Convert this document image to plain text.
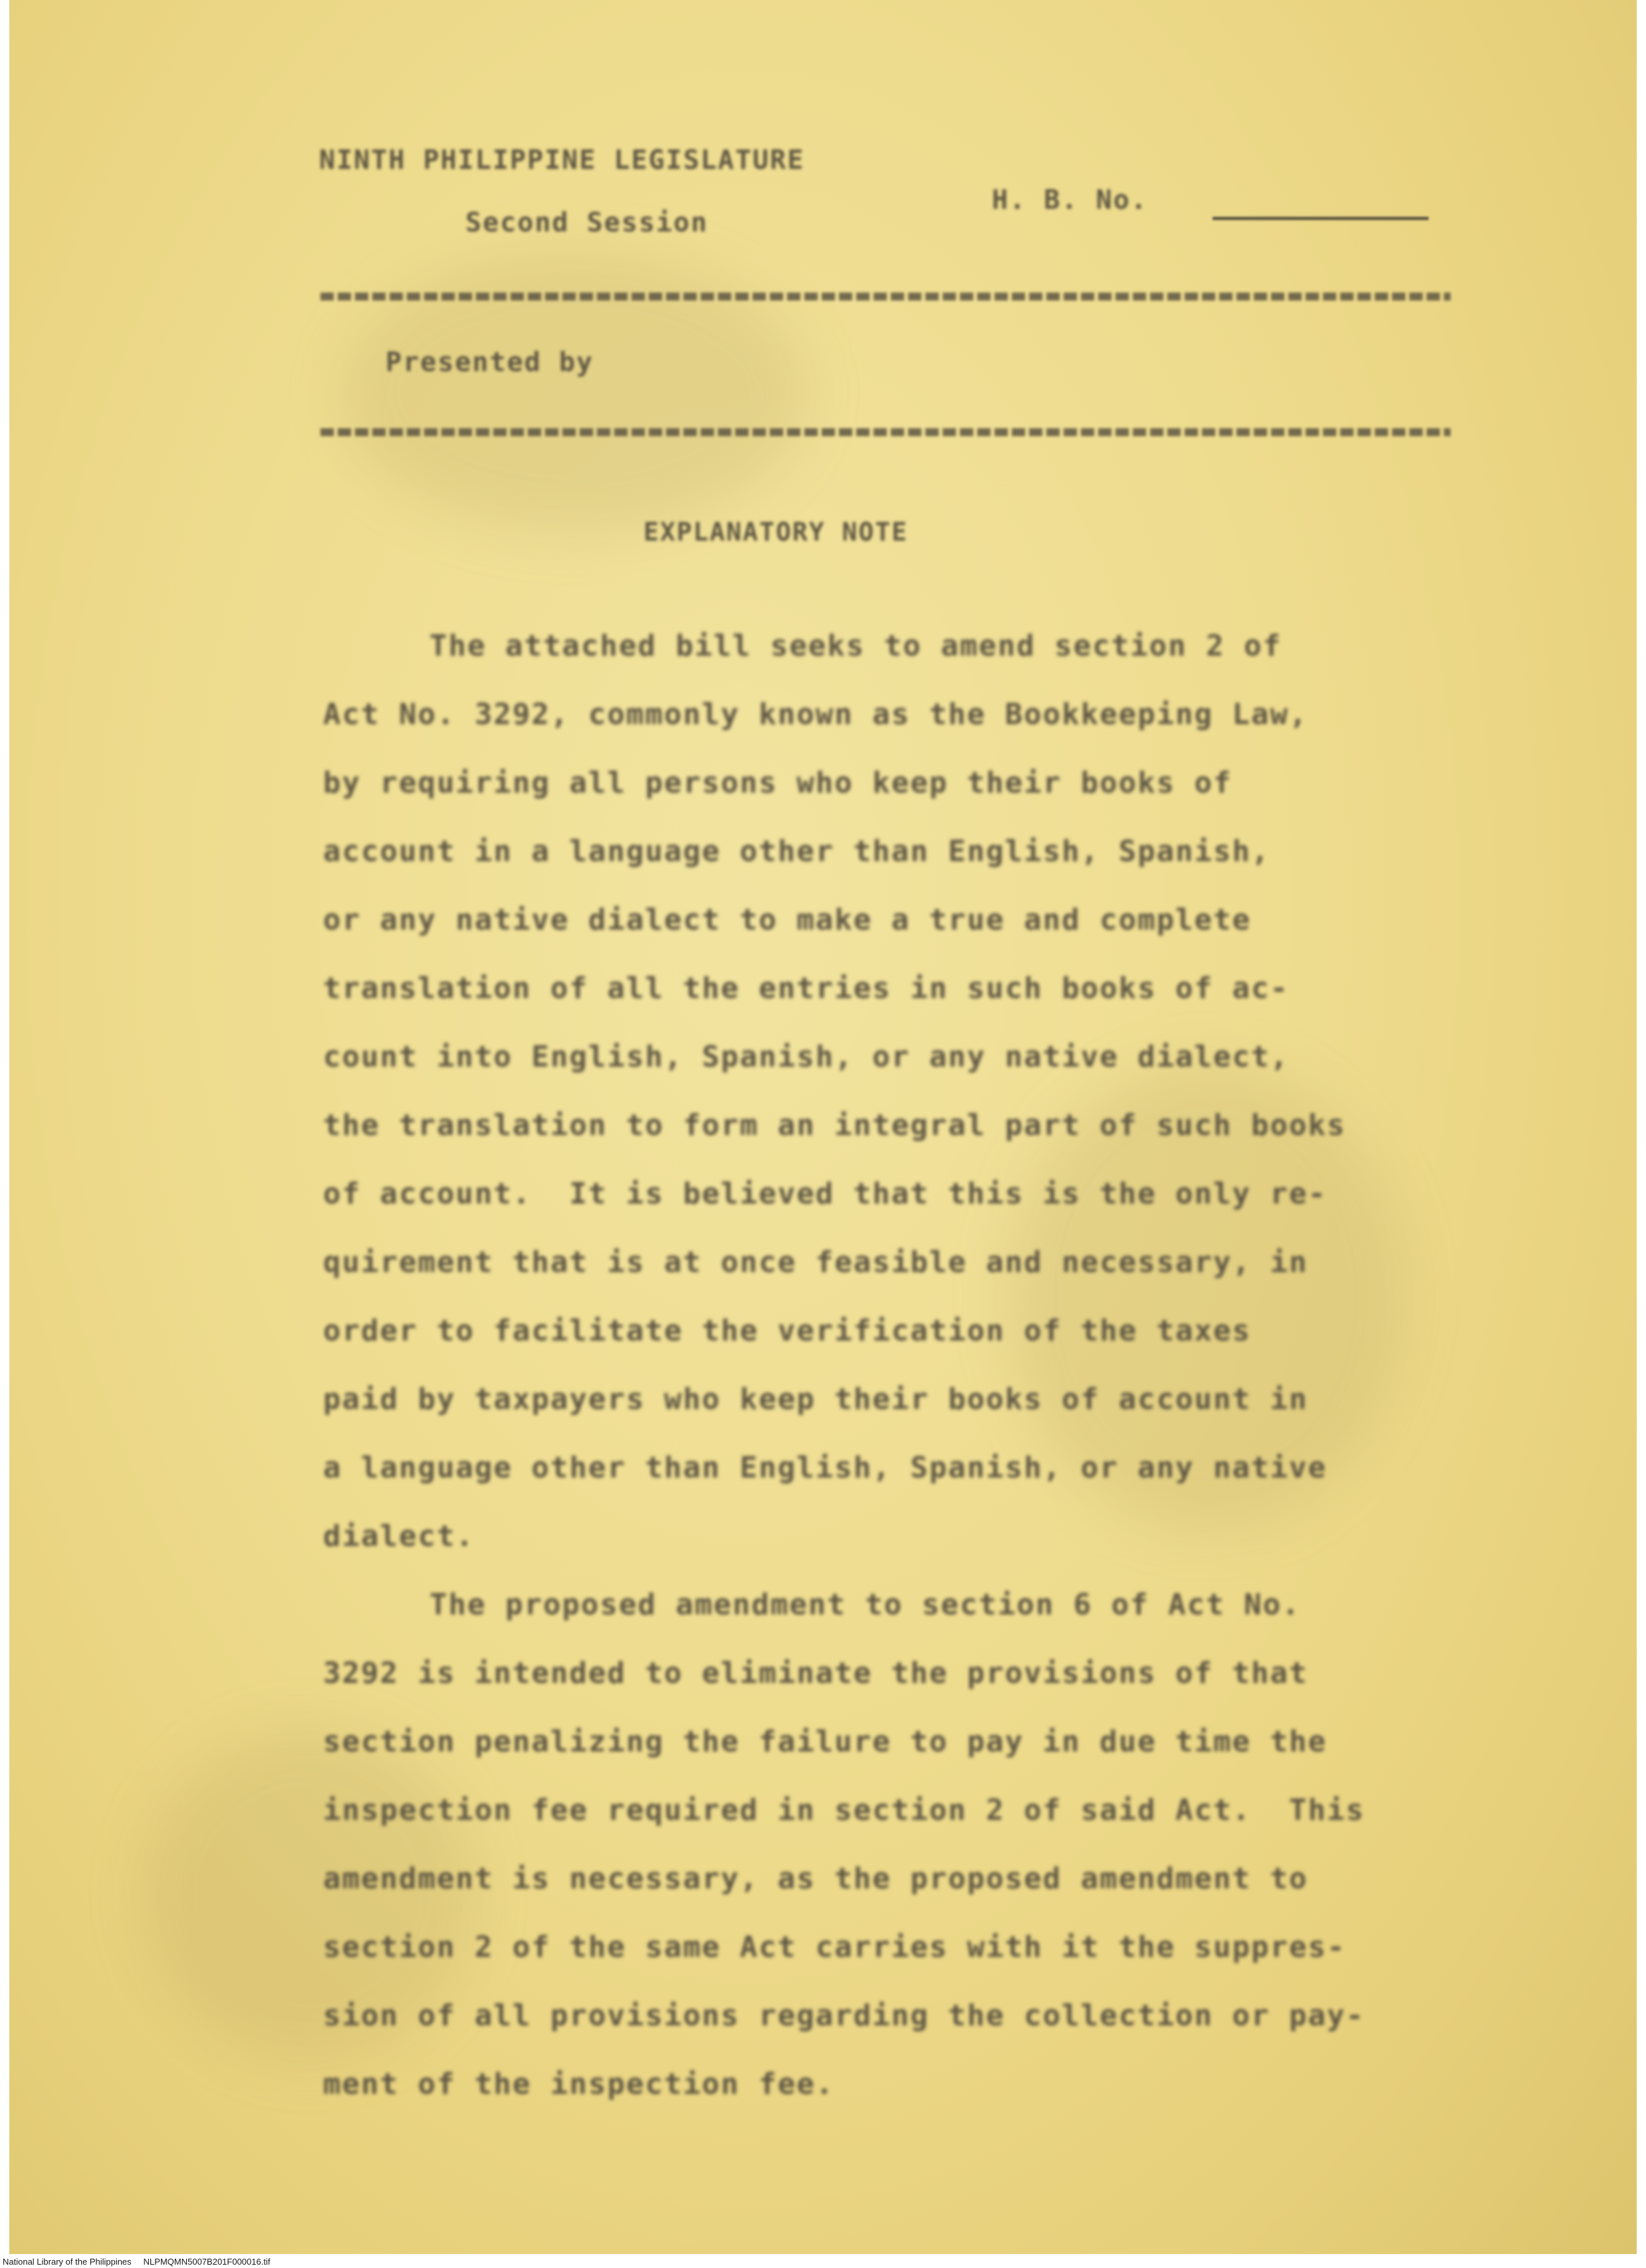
NINTH PHILIPPINE LEGISLATURE
Second Session
H. B. No.
Presented by
EXPLANATORY NOTE

The attached bill seeks to amend section 2 of
Act No. 3292, commonly known as the Bookkeeping Law,
by requiring all persons who keep their books of
account in a language other than English, Spanish,
or any native dialect to make a true and complete
translation of all the entries in such books of ac-
count into English, Spanish, or any native dialect,
the translation to form an integral part of such books
of account.  It is believed that this is the only re-
quirement that is at once feasible and necessary, in
order to facilitate the verification of the taxes
paid by taxpayers who keep their books of account in
a language other than English, Spanish, or any native
dialect.

The proposed amendment to section 6 of Act No.
3292 is intended to eliminate the provisions of that
section penalizing the failure to pay in due time the
inspection fee required in section 2 of said Act.  This
amendment is necessary, as the proposed amendment to
section 2 of the same Act carries with it the suppres-
sion of all provisions regarding the collection or pay-
ment of the inspection fee.

National Library of the Philippines NLPMQMN5007B201F000016.tif
